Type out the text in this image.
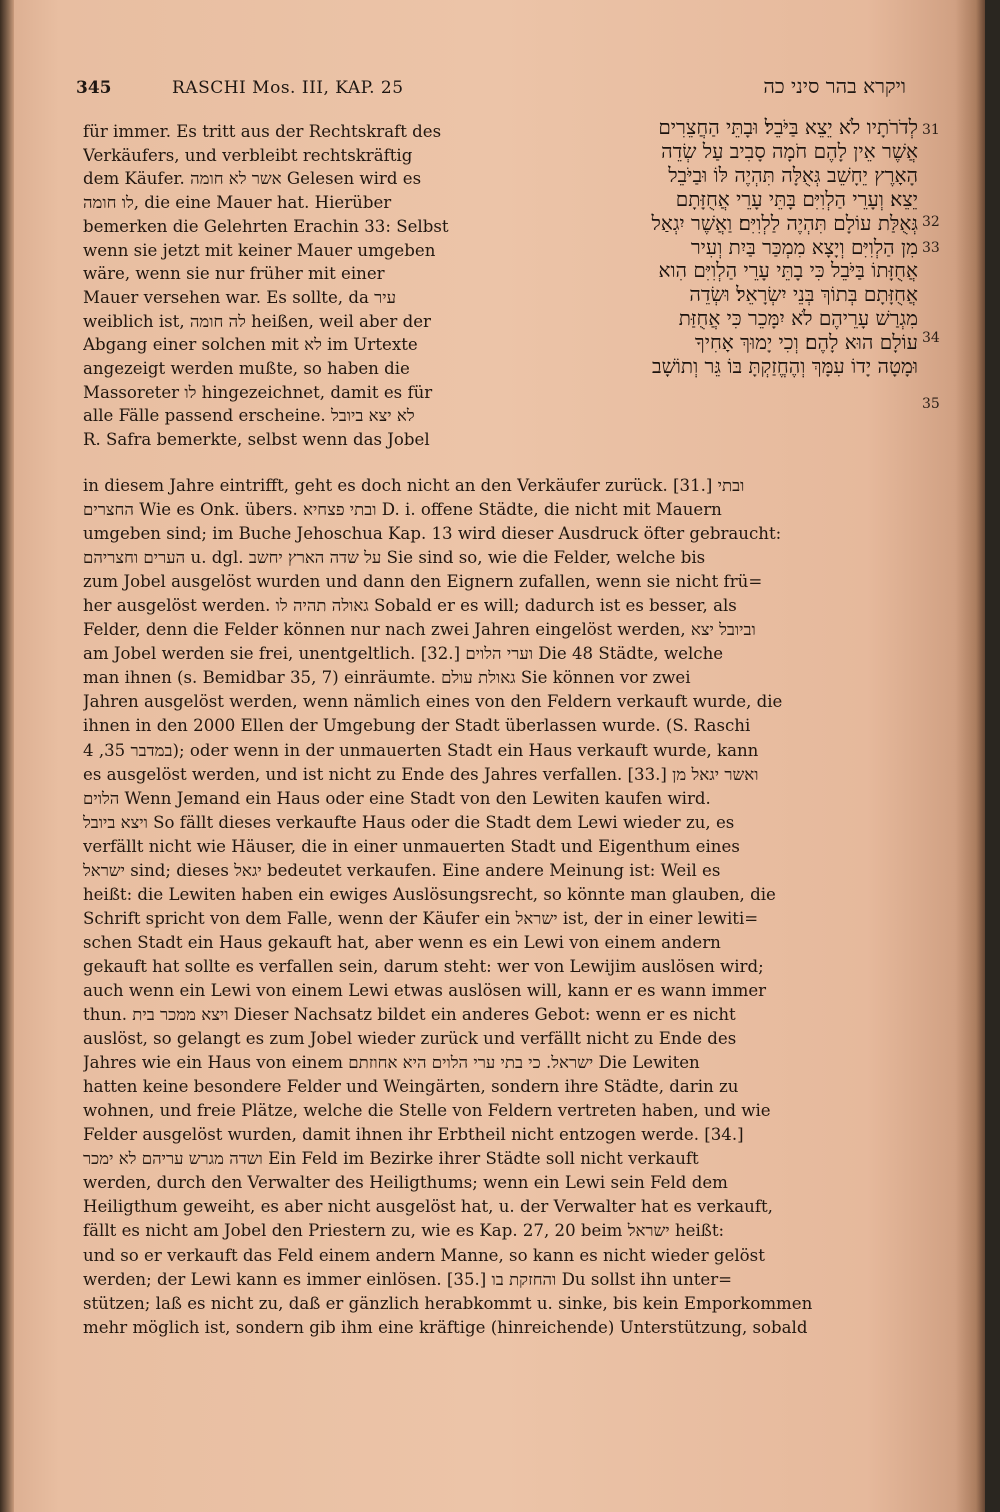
345	RASCHI Mos. III, KAP. 25	ויקרא בהר סיני כה
für immer. Es tritt aus der Rechtskraft des
Verkäufers, und verbleibt rechtskräftig
dem Käufer. אשר לא חומה Gelesen wird es
לו חומה, die eine Mauer hat. Hierüber
bemerken die Gelehrten Erachin 33: Selbst
wenn sie jetzt mit keiner Mauer umgeben
wäre, wenn sie nur früher mit einer
Mauer versehen war. Es sollte, da עיר
weiblich ist, לה חומה heißen, weil aber der
Abgang einer solchen mit לא im Urtexte
angezeigt werden mußte, so haben die
Massoreter לו hingezeichnet, damit es für
alle Fälle passend erscheine. לא יצא ביובל
R. Safra bemerkte, selbst wenn das Jobel
לְדֹרֹתָיו לֹא יֵצֵא בַּיֹּבֵל׃ וּבָתֵּי הַחֲצֵרִים
אֲשֶׁר אֵין לָהֶם חֹמָה סָבִיב עַל שְׂדֵה
הָאָרֶץ יֵחָשֵׁב גְּאֻלָּה תִּהְיֶה לּוֹ וּבַיֹּבֵל
יֵצֵא׃ וְעָרֵי הַלְוִיִּם בָּתֵּי עָרֵי אֲחֻזָּתָם
גְּאֻלַּת עוֹלָם תִּהְיֶה לַלְוִיִּם׃ וַאֲשֶׁר יִגְאַל
מִן הַלְוִיִּם וְיָצָא מִמְכַּר בַּיִת וְעִיר
אֲחֻזָּתוֹ בַּיֹּבֵל כִּי בָתֵּי עָרֵי הַלְוִיִּם הִוא
אֲחֻזָּתָם בְּתוֹךְ בְּנֵי יִשְׂרָאֵל׃ וּשְׂדֵה
מִגְרַשׁ עָרֵיהֶם לֹא יִמָּכֵר כִּי אֲחֻזַּת
עוֹלָם הוּא לָהֶם׃ וְכִי יָמוּךְ אָחִיךָ
וּמָטָה יָדוֹ עִמָּךְ וְהֶחֱזַקְתָּ בּוֹ גֵּר וְתוֹשָׁב
31
32
33
34
35
in diesem Jahre eintrifft, geht es doch nicht an den Verkäufer zurück. [31.] ובתי
החצרים Wie es Onk. übers. ובתי פצחיא D. i. offene Städte, die nicht mit Mauern
umgeben sind; im Buche Jehoschua Kap. 13 wird dieser Ausdruck öfter gebraucht:
הערים וחצריהם u. dgl. על שדה הארץ יחשב Sie sind so, wie die Felder, welche bis
zum Jobel ausgelöst wurden und dann den Eignern zufallen, wenn sie nicht frü=
her ausgelöst werden. גאולה תהיה לו Sobald er es will; dadurch ist es besser, als
Felder, denn die Felder können nur nach zwei Jahren eingelöst werden, וביובל יצא
am Jobel werden sie frei, unentgeltlich. [32.] וערי הלוים Die 48 Städte, welche
man ihnen (s. Bemidbar 35, 7) einräumte. גאולת עולם Sie können vor zwei
Jahren ausgelöst werden, wenn nämlich eines von den Feldern verkauft wurde, die
ihnen in den 2000 Ellen der Umgebung der Stadt überlassen wurde. (S. Raschi
במדבר 35, 4); oder wenn in der unmauerten Stadt ein Haus verkauft wurde, kann
es ausgelöst werden, und ist nicht zu Ende des Jahres verfallen. [33.] ואשר יגאל מן
הלוים Wenn Jemand ein Haus oder eine Stadt von den Lewiten kaufen wird.
ויצא ביובל So fällt dieses verkaufte Haus oder die Stadt dem Lewi wieder zu, es
verfällt nicht wie Häuser, die in einer unmauerten Stadt und Eigenthum eines
ישראל sind; dieses יגאל bedeutet verkaufen. Eine andere Meinung ist: Weil es
heißt: die Lewiten haben ein ewiges Auslösungsrecht, so könnte man glauben, die
Schrift spricht von dem Falle, wenn der Käufer ein ישראל ist, der in einer lewiti=
schen Stadt ein Haus gekauft hat, aber wenn es ein Lewi von einem andern
gekauft hat sollte es verfallen sein, darum steht: wer von Lewijim auslösen wird;
auch wenn ein Lewi von einem Lewi etwas auslösen will, kann er es wann immer
thun. ויצא ממכר בית Dieser Nachsatz bildet ein anderes Gebot: wenn er es nicht
auslöst, so gelangt es zum Jobel wieder zurück und verfällt nicht zu Ende des
Jahres wie ein Haus von einem ישראל. כי בתי ערי הלוים היא אחוזתם Die Lewiten
hatten keine besondere Felder und Weingärten, sondern ihre Städte, darin zu
wohnen, und freie Plätze, welche die Stelle von Feldern vertreten haben, und wie
Felder ausgelöst wurden, damit ihnen ihr Erbtheil nicht entzogen werde. [34.]
ושדה מגרש עריהם לא ימכר Ein Feld im Bezirke ihrer Städte soll nicht verkauft
werden, durch den Verwalter des Heiligthums; wenn ein Lewi sein Feld dem
Heiligthum geweiht, es aber nicht ausgelöst hat, u. der Verwalter hat es verkauft,
fällt es nicht am Jobel den Priestern zu, wie es Kap. 27, 20 beim ישראל heißt:
und so er verkauft das Feld einem andern Manne, so kann es nicht wieder gelöst
werden; der Lewi kann es immer einlösen. [35.] והחזקת בו Du sollst ihn unter=
stützen; laß es nicht zu, daß er gänzlich herabkommt u. sinke, bis kein Emporkommen
mehr möglich ist, sondern gib ihm eine kräftige (hinreichende) Unterstützung, sobald
